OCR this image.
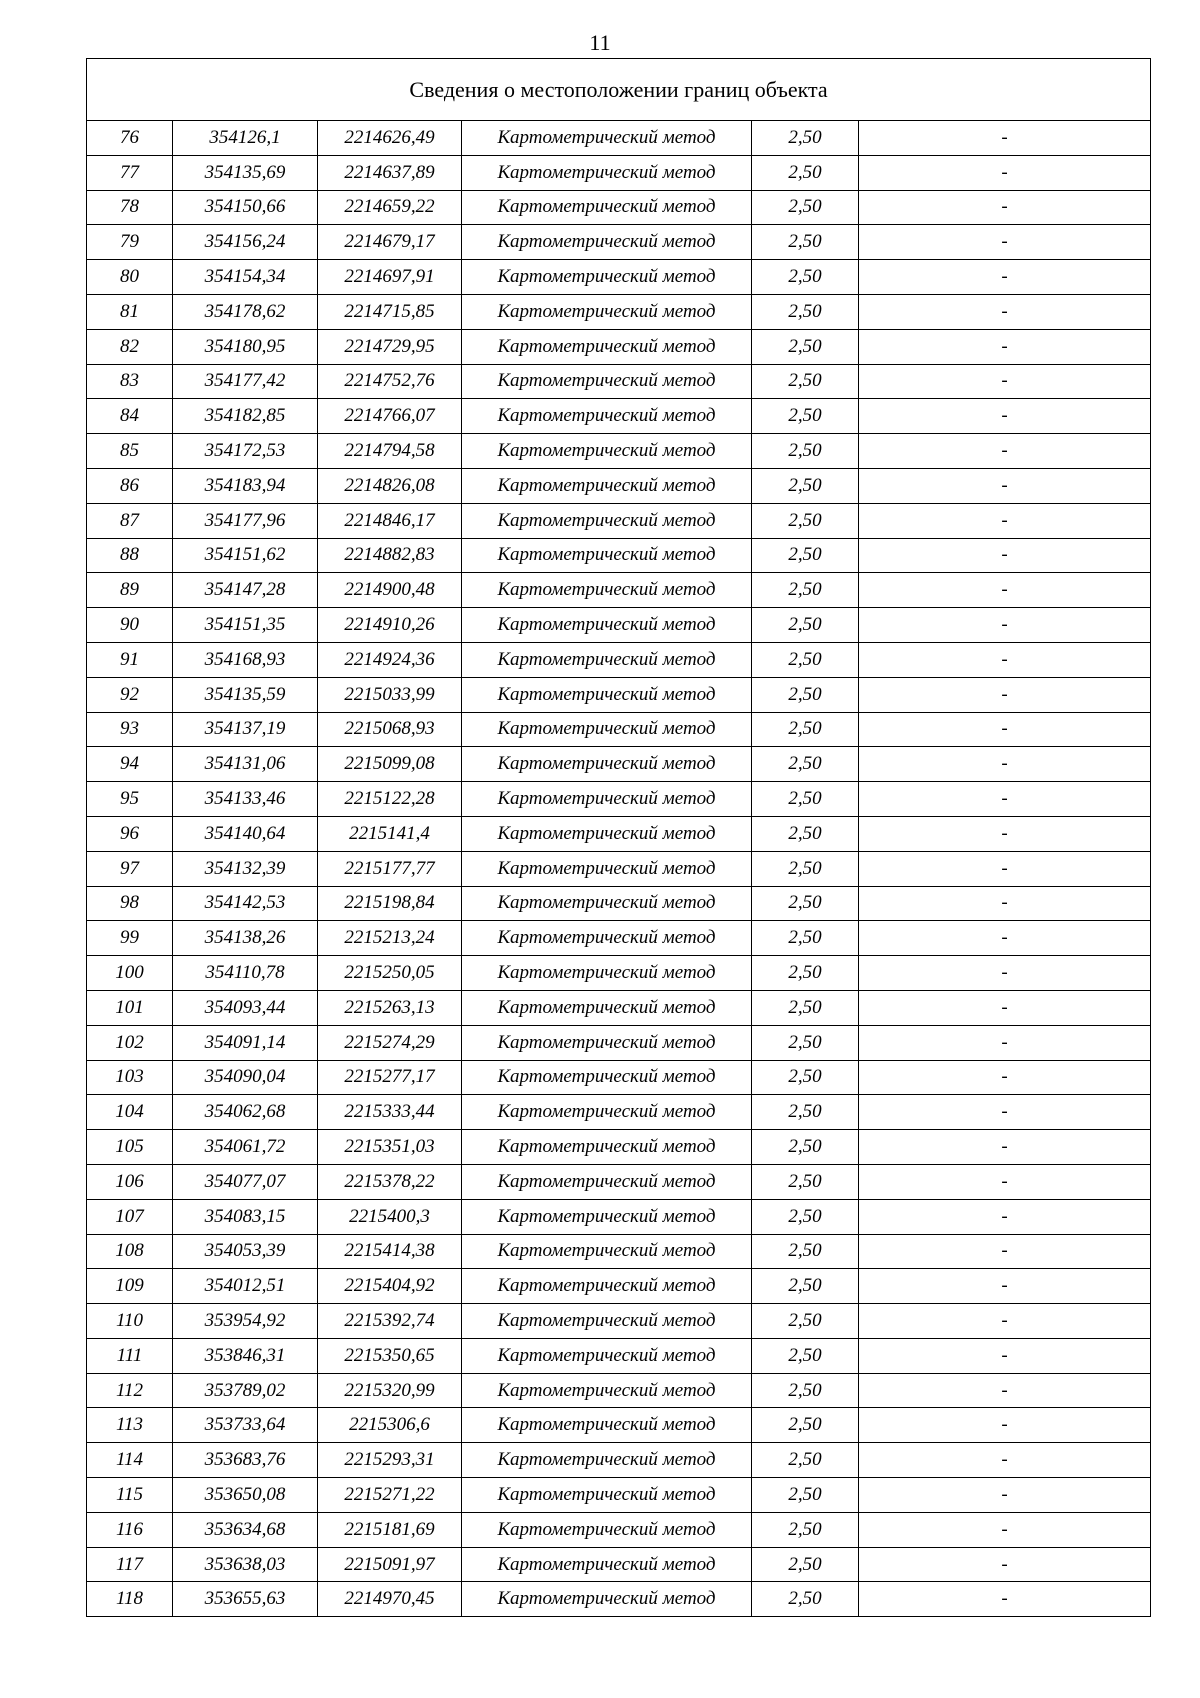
11
Сведения о местоположении границ объекта					
76	354126,1	2214626,49	Картометрический метод	2,50	-
77	354135,69	2214637,89	Картометрический метод	2,50	-
78	354150,66	2214659,22	Картометрический метод	2,50	-
79	354156,24	2214679,17	Картометрический метод	2,50	-
80	354154,34	2214697,91	Картометрический метод	2,50	-
81	354178,62	2214715,85	Картометрический метод	2,50	-
82	354180,95	2214729,95	Картометрический метод	2,50	-
83	354177,42	2214752,76	Картометрический метод	2,50	-
84	354182,85	2214766,07	Картометрический метод	2,50	-
85	354172,53	2214794,58	Картометрический метод	2,50	-
86	354183,94	2214826,08	Картометрический метод	2,50	-
87	354177,96	2214846,17	Картометрический метод	2,50	-
88	354151,62	2214882,83	Картометрический метод	2,50	-
89	354147,28	2214900,48	Картометрический метод	2,50	-
90	354151,35	2214910,26	Картометрический метод	2,50	-
91	354168,93	2214924,36	Картометрический метод	2,50	-
92	354135,59	2215033,99	Картометрический метод	2,50	-
93	354137,19	2215068,93	Картометрический метод	2,50	-
94	354131,06	2215099,08	Картометрический метод	2,50	-
95	354133,46	2215122,28	Картометрический метод	2,50	-
96	354140,64	2215141,4	Картометрический метод	2,50	-
97	354132,39	2215177,77	Картометрический метод	2,50	-
98	354142,53	2215198,84	Картометрический метод	2,50	-
99	354138,26	2215213,24	Картометрический метод	2,50	-
100	354110,78	2215250,05	Картометрический метод	2,50	-
101	354093,44	2215263,13	Картометрический метод	2,50	-
102	354091,14	2215274,29	Картометрический метод	2,50	-
103	354090,04	2215277,17	Картометрический метод	2,50	-
104	354062,68	2215333,44	Картометрический метод	2,50	-
105	354061,72	2215351,03	Картометрический метод	2,50	-
106	354077,07	2215378,22	Картометрический метод	2,50	-
107	354083,15	2215400,3	Картометрический метод	2,50	-
108	354053,39	2215414,38	Картометрический метод	2,50	-
109	354012,51	2215404,92	Картометрический метод	2,50	-
110	353954,92	2215392,74	Картометрический метод	2,50	-
111	353846,31	2215350,65	Картометрический метод	2,50	-
112	353789,02	2215320,99	Картометрический метод	2,50	-
113	353733,64	2215306,6	Картометрический метод	2,50	-
114	353683,76	2215293,31	Картометрический метод	2,50	-
115	353650,08	2215271,22	Картометрический метод	2,50	-
116	353634,68	2215181,69	Картометрический метод	2,50	-
117	353638,03	2215091,97	Картометрический метод	2,50	-
118	353655,63	2214970,45	Картометрический метод	2,50	-
